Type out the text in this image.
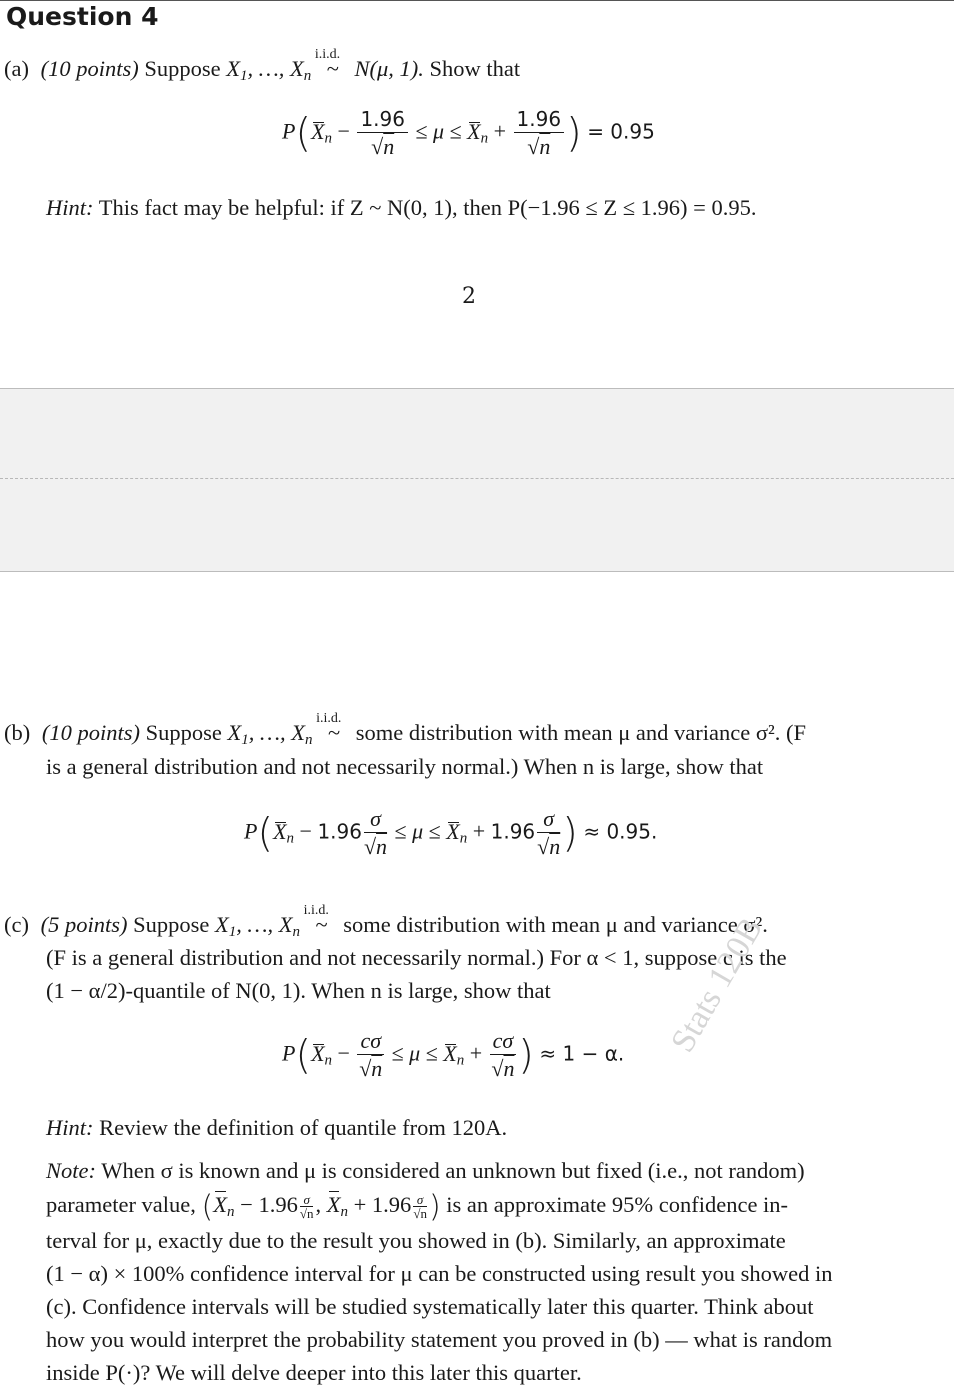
Question 4
(a) (10 points) Suppose $X_1$, …, $X_n$
i.i.d.
~ N(μ, 1). Show that
$P(X_n - \frac{1.96}{√n} \le \mu \le X_n + \frac{1.96}{√n}$ ) = 0.95
Hint: This fact may be helpful: if Z ~ N(0, 1), then P(−1.96 ≤ Z ≤ 1.96) = 0.95.
2
(b) (10 points) Suppose $X_1$, …, $X_n$
i.i.d.
~ some distribution with mean μ and variance σ². (F
is a general distribution and not necessarily normal.) When n is large, show that
$P(X_n - 1.96 \frac{\sigma}{√n} \le \mu \le X_n + 1.96 \frac{\sigma}{√n}$ ) ≈ 0.95.
(c) (5 points) Suppose $X_1$, …, $X_n$
i.i.d.
~ some distribution with mean μ and variance σ².
(F is a general distribution and not necessarily normal.) For α < 1, suppose c is the
(1 − α/2)-quantile of N(0, 1). When n is large, show that
$P(X_n - \frac{c\sigma}{√n} \le \mu \le X_n + \frac{c\sigma}{√n}$ ) ≈ 1 − α.
Hint: Review the definition of quantile from 120A.
Stats 120B
Note: When σ is known and μ is considered an unknown but fixed (i.e., not random)
parameter value, ($X_n - 1.96 \frac{\sigma}{√n}$ , $X_n + 1.96 \frac{\sigma}{√n}$ ) is an approximate 95% confidence in-
terval for μ, exactly due to the result you showed in (b). Similarly, an approximate
(1 − α) × 100% confidence interval for μ can be constructed using result you showed in
(c). Confidence intervals will be studied systematically later this quarter. Think about
how you would interpret the probability statement you proved in (b) — what is random
inside P(·)? We will delve deeper into this later this quarter.
